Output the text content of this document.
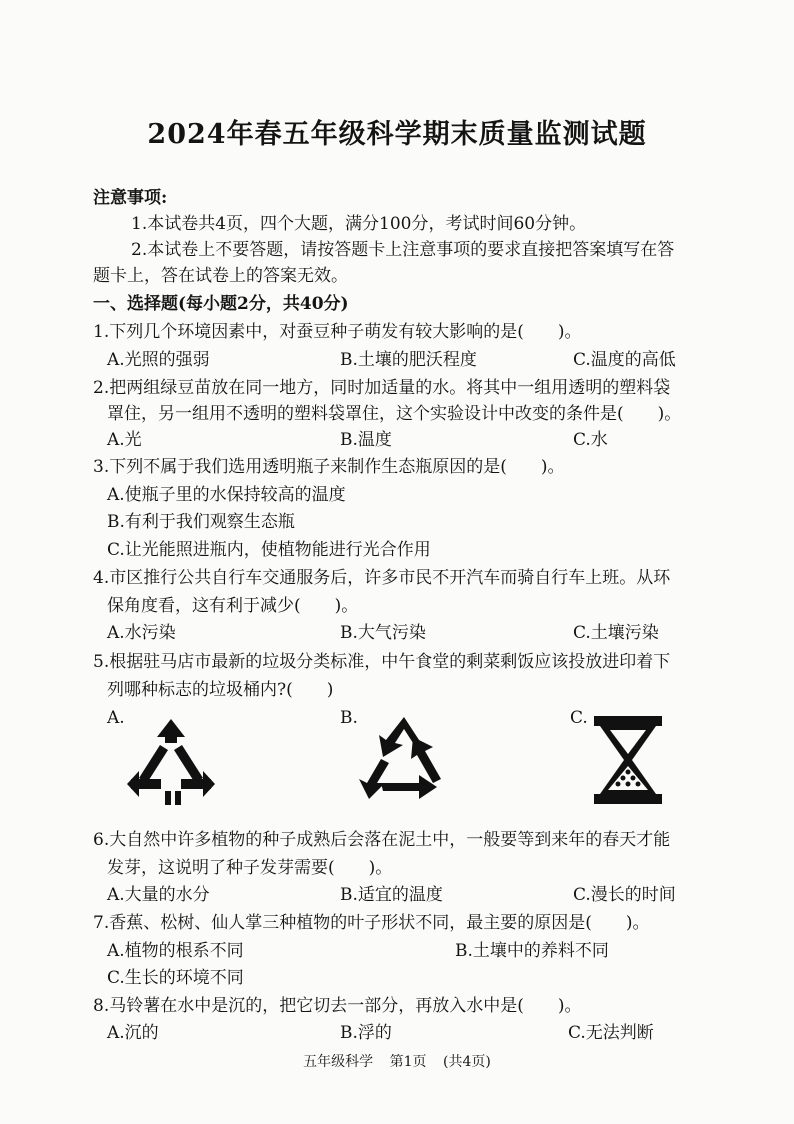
2024年春五年级科学期末质量监测试题
注意事项:
1.本试卷共4页，四个大题，满分100分，考试时间60分钟。
2.本试卷上不要答题，请按答题卡上注意事项的要求直接把答案填写在答
题卡上，答在试卷上的答案无效。
一、选择题(每小题2分，共40分)
1.下列几个环境因素中，对蚕豆种子萌发有较大影响的是(　　)。
A.光照的强弱	B.土壤的肥沃程度	C.温度的高低
2.把两组绿豆苗放在同一地方，同时加适量的水。将其中一组用透明的塑料袋
罩住，另一组用不透明的塑料袋罩住，这个实验设计中改变的条件是(　　)。
A.光	B.温度	C.水
3.下列不属于我们选用透明瓶子来制作生态瓶原因的是(　　)。
A.使瓶子里的水保持较高的温度
B.有利于我们观察生态瓶
C.让光能照进瓶内，使植物能进行光合作用
4.市区推行公共自行车交通服务后，许多市民不开汽车而骑自行车上班。从环
保角度看，这有利于减少(　　)。
A.水污染	B.大气污染	C.土壤污染
5.根据驻马店市最新的垃圾分类标准，中午食堂的剩菜剩饭应该投放进印着下
列哪种标志的垃圾桶内?(　　)
A.	B.	C.
6.大自然中许多植物的种子成熟后会落在泥土中，一般要等到来年的春天才能
发芽，这说明了种子发芽需要(　　)。
A.大量的水分	B.适宜的温度	C.漫长的时间
7.香蕉、松树、仙人掌三种植物的叶子形状不同，最主要的原因是(　　)。
A.植物的根系不同	B.土壤中的养料不同
C.生长的环境不同
8.马铃薯在水中是沉的，把它切去一部分，再放入水中是(　　)。
A.沉的	B.浮的	C.无法判断
五年级科学 第1页 (共4页)
